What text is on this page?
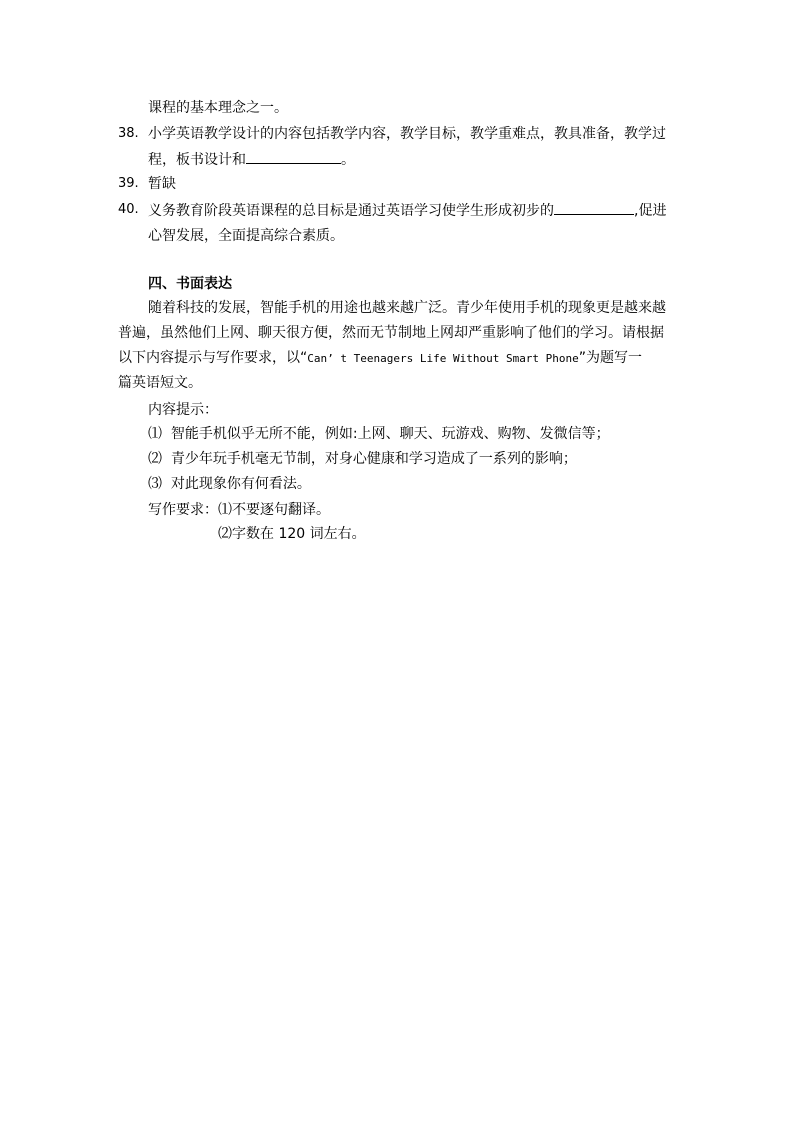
课程的基本理念之一。
38. 小学英语教学设计的内容包括教学内容，教学目标，教学重难点，教具准备，教学过
程，板书设计和	。
39. 暂缺
40. 义务教育阶段英语课程的总目标是通过英语学习使学生形成初步的	,促进
心智发展，全面提高综合素质。
四、书面表达
随着科技的发展，智能手机的用途也越来越广泛。青少年使用手机的现象更是越来越
普遍，虽然他们上网、聊天很方便，然而无节制地上网却严重影响了他们的学习。请根据
以下内容提示与写作要求，以“Can’ t Teenagers Life Without Smart Phone”为题写一
篇英语短文。
内容提示：
⑴ 智能手机似乎无所不能，例如:上网、聊天、玩游戏、购物、发微信等；
⑵ 青少年玩手机毫无节制，对身心健康和学习造成了一系列的影响；
⑶ 对此现象你有何看法。
写作要求：⑴不要逐句翻译。
⑵字数在 120 词左右。
